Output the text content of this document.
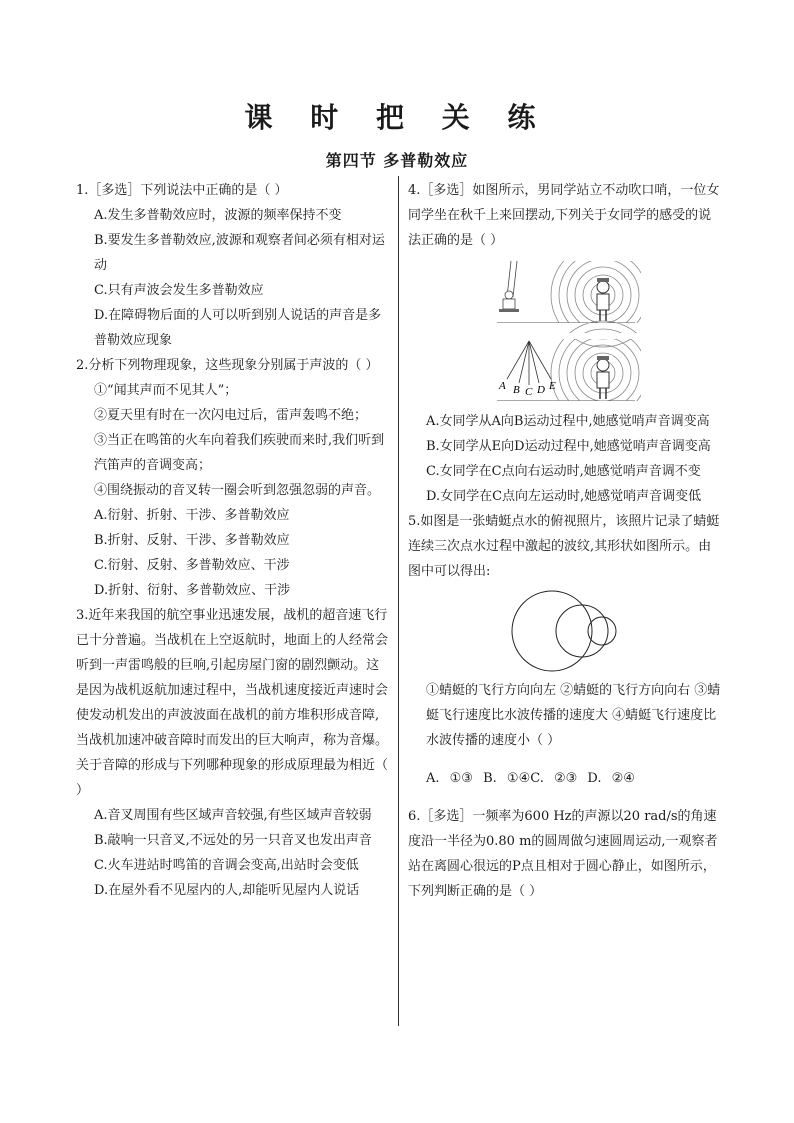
课 时 把 关 练
第四节 多普勒效应

1.［多选］下列说法中正确的是（ ）

A.发生多普勒效应时，波源的频率保持不变

B.要发生多普勒效应,波源和观察者间必须有相对运动

C.只有声波会发生多普勒效应

D.在障碍物后面的人可以听到别人说话的声音是多普勒效应现象

2.分析下列物理现象，这些现象分别属于声波的（ ）

①“闻其声而不见其人”；

②夏天里有时在一次闪电过后，雷声轰鸣不绝；

③当正在鸣笛的火车向着我们疾驶而来时,我们听到汽笛声的音调变高；

④围绕振动的音叉转一圈会听到忽强忽弱的声音。

A.衍射、折射、干涉、多普勒效应

B.折射、反射、干涉、多普勒效应

C.衍射、反射、多普勒效应、干涉

D.折射、衍射、多普勒效应、干涉

3.近年来我国的航空事业迅速发展，战机的超音速飞行已十分普遍。当战机在上空返航时，地面上的人经常会听到一声雷鸣般的巨响,引起房屋门窗的剧烈颤动。这是因为战机返航加速过程中，当战机速度接近声速时会使发动机发出的声波波面在战机的前方堆积形成音障,当战机加速冲破音障时而发出的巨大响声，称为音爆。关于音障的形成与下列哪种现象的形成原理最为相近（ ）

A.音叉周围有些区域声音较强,有些区域声音较弱

B.敲响一只音叉,不远处的另一只音叉也发出声音

C.火车进站时鸣笛的音调会变高,出站时会变低

D.在屋外看不见屋内的人,却能听见屋内人说话

4.［多选］如图所示，男同学站立不动吹口哨，一位女同学坐在秋千上来回摆动,下列关于女同学的感受的说法正确的是（ ）

A B C D E

A.女同学从A向B运动过程中,她感觉哨声音调变高

B.女同学从E向D运动过程中,她感觉哨声音调变高

C.女同学在C点向右运动时,她感觉哨声音调不变

D.女同学在C点向左运动时,她感觉哨声音调变低

5.如图是一张蜻蜓点水的俯视照片，该照片记录了蜻蜓连续三次点水过程中激起的波纹,其形状如图所示。由图中可以得出:

①蜻蜓的飞行方向向左 ②蜻蜓的飞行方向向右 ③蜻蜓飞行速度比水波传播的速度大 ④蜻蜓飞行速度比水波传播的速度小（ ）

A. ①③ B. ①④C. ②③ D. ②④

6.［多选］一频率为600 Hz的声源以20 rad/s的角速度沿一半径为0.80 m的圆周做匀速圆周运动,一观察者站在离圆心很远的P点且相对于圆心静止，如图所示，下列判断正确的是（ ）
